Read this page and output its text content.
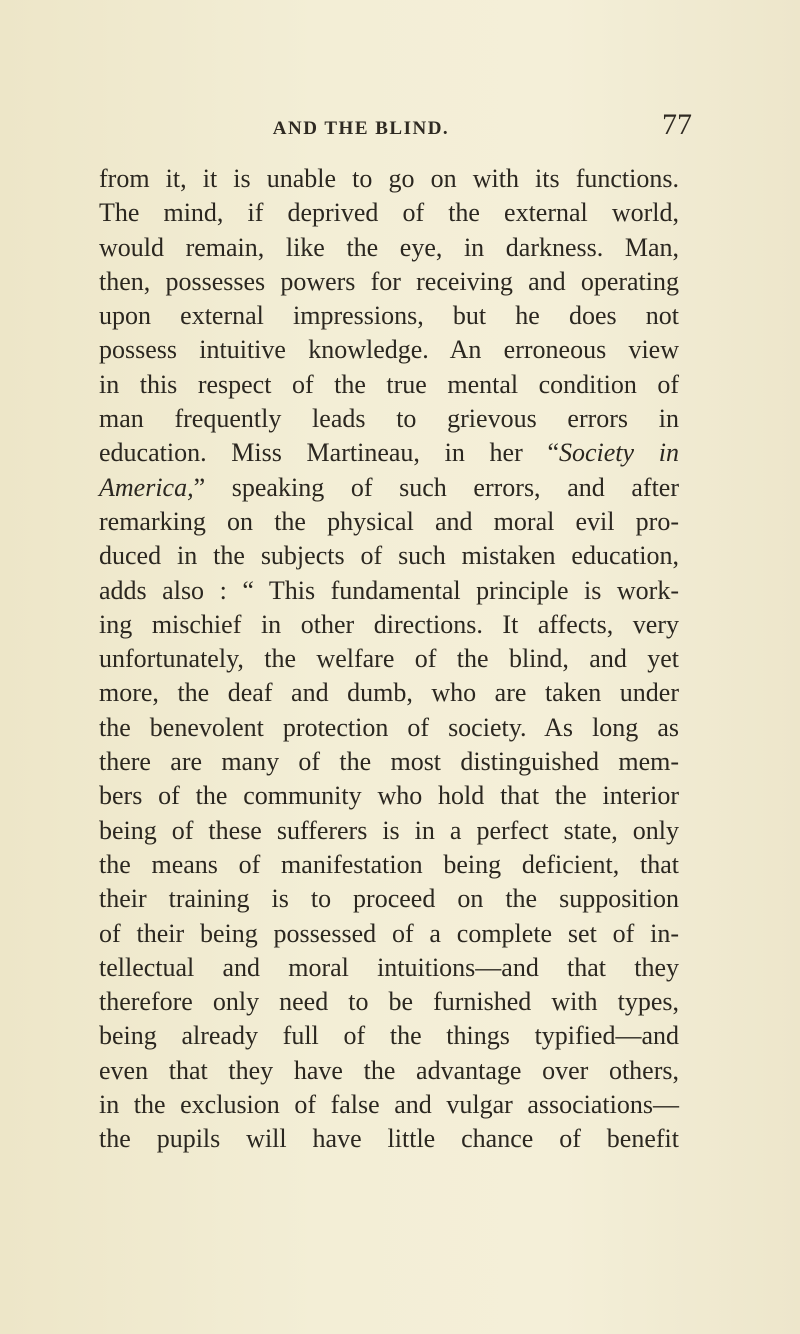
AND THE BLIND.	77
from it, it is unable to go on with its functions.
The mind, if deprived of the external world,
would remain, like the eye, in darkness. Man,
then, possesses powers for receiving and operating
upon external impressions, but he does not
possess intuitive knowledge. An erroneous view
in this respect of the true mental condition of
man frequently leads to grievous errors in
education. Miss Martineau, in her “Society in
America,” speaking of such errors, and after
remarking on the physical and moral evil pro-
duced in the subjects of such mistaken education,
adds also : “ This fundamental principle is work-
ing mischief in other directions. It affects, very
unfortunately, the welfare of the blind, and yet
more, the deaf and dumb, who are taken under
the benevolent protection of society. As long as
there are many of the most distinguished mem-
bers of the community who hold that the interior
being of these sufferers is in a perfect state, only
the means of manifestation being deficient, that
their training is to proceed on the supposition
of their being possessed of a complete set of in-
tellectual and moral intuitions—and that they
therefore only need to be furnished with types,
being already full of the things typified—and
even that they have the advantage over others,
in the exclusion of false and vulgar associations—
the pupils will have little chance of benefit
